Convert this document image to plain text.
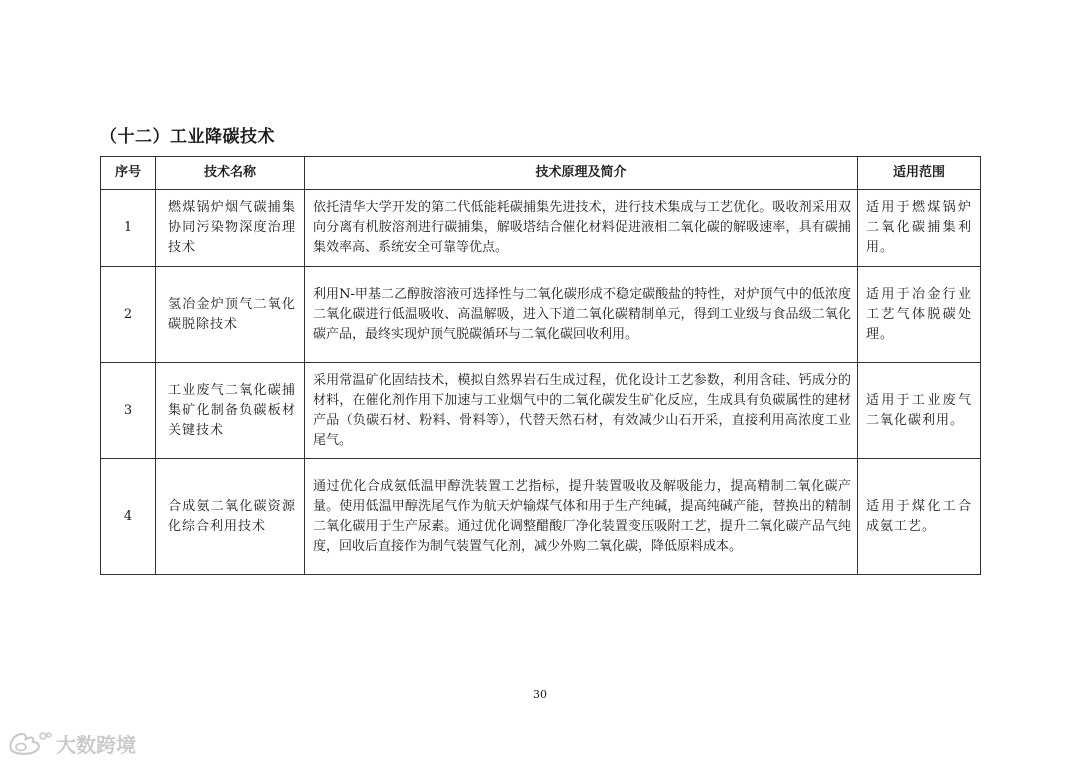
（十二）工业降碳技术
序号	技术名称	技术原理及简介	适用范围
1	燃煤锅炉烟气碳捕集协同污染物深度治理技术	依托清华大学开发的第二代低能耗碳捕集先进技术，进行技术集成与工艺优化。吸收剂采用双向分离有机胺溶剂进行碳捕集，解吸塔结合催化材料促进液相二氧化碳的解吸速率，具有碳捕集效率高、系统安全可靠等优点。	适用于燃煤锅炉二氧化碳捕集利用。
2	氢冶金炉顶气二氧化碳脱除技术	利用N-甲基二乙醇胺溶液可选择性与二氧化碳形成不稳定碳酸盐的特性，对炉顶气中的低浓度二氧化碳进行低温吸收、高温解吸，进入下道二氧化碳精制单元，得到工业级与食品级二氧化碳产品，最终实现炉顶气脱碳循环与二氧化碳回收利用。	适用于冶金行业工艺气体脱碳处理。
3	工业废气二氧化碳捕集矿化制备负碳板材关键技术	采用常温矿化固结技术，模拟自然界岩石生成过程，优化设计工艺参数，利用含硅、钙成分的材料，在催化剂作用下加速与工业烟气中的二氧化碳发生矿化反应，生成具有负碳属性的建材产品（负碳石材、粉料、骨料等），代替天然石材，有效减少山石开采，直接利用高浓度工业尾气。	适用于工业废气二氧化碳利用。
4	合成氨二氧化碳资源化综合利用技术	通过优化合成氨低温甲醇洗装置工艺指标，提升装置吸收及解吸能力，提高精制二氧化碳产量。使用低温甲醇洗尾气作为航天炉输煤气体和用于生产纯碱，提高纯碱产能，替换出的精制二氧化碳用于生产尿素。通过优化调整醋酸厂净化装置变压吸附工艺，提升二氧化碳产品气纯度，回收后直接作为制气装置气化剂，减少外购二氧化碳，降低原料成本。	适用于煤化工合成氨工艺。
30
大数跨境
